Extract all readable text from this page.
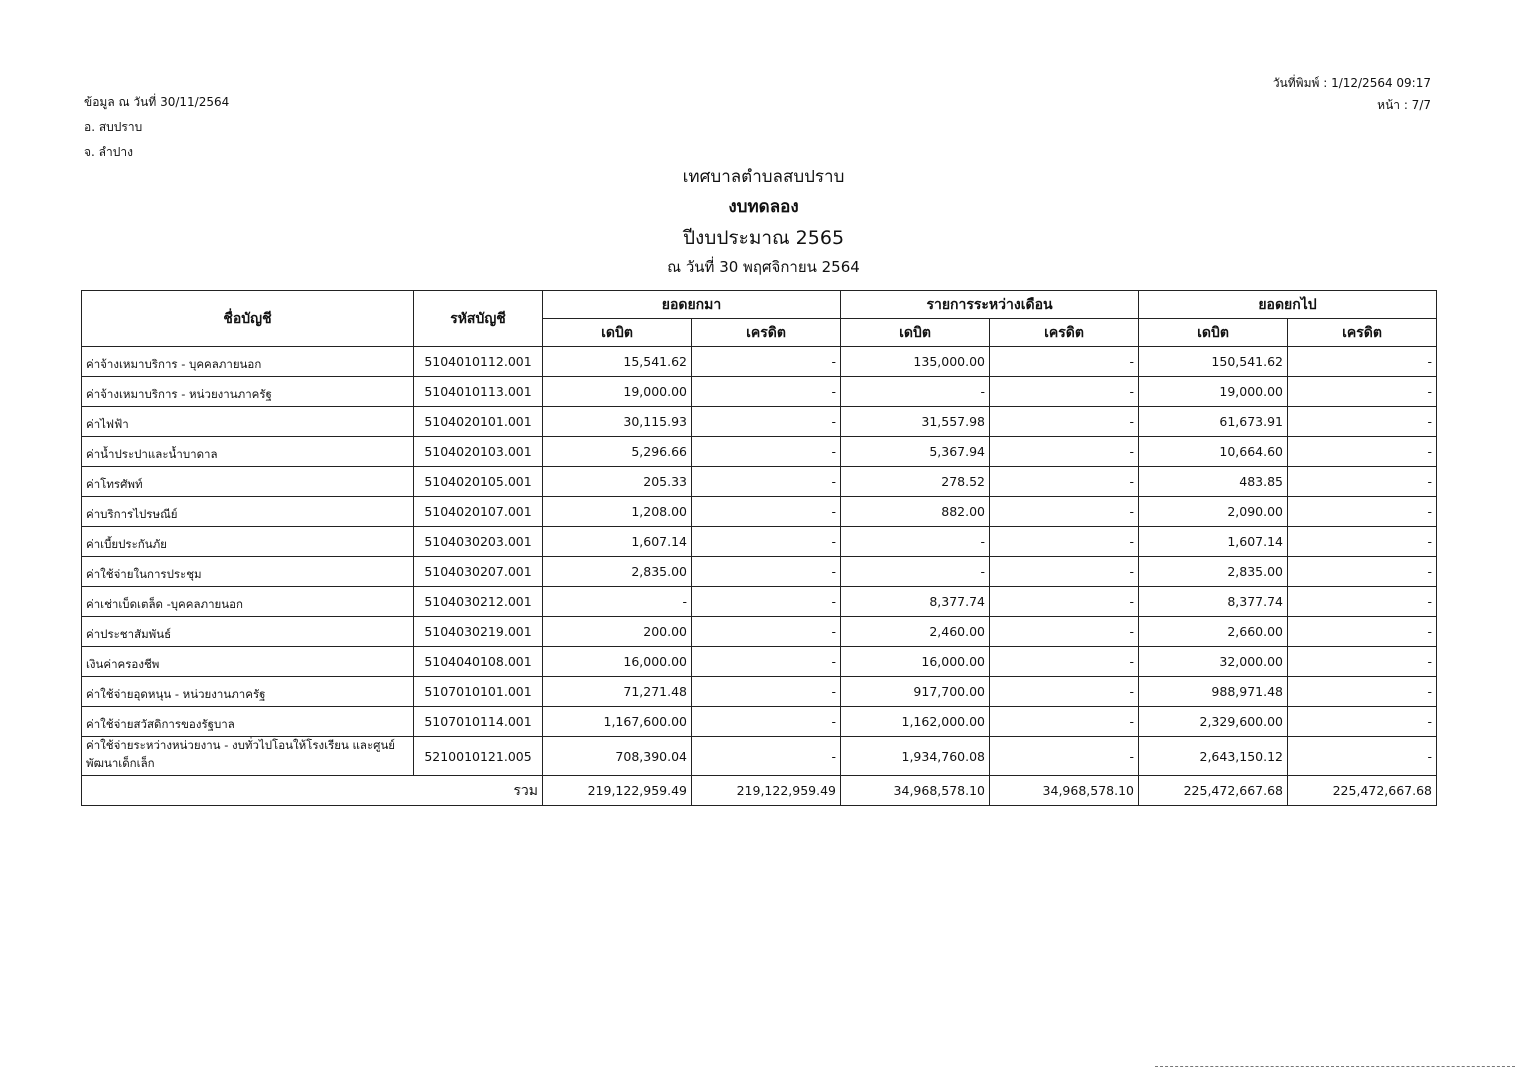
ข้อมูล ณ วันที่ 30/11/2564
อ. สบปราบ
จ. ลำปาง
วันที่พิมพ์ : 1/12/2564 09:17
หน้า : 7/7
เทศบาลตำบลสบปราบ
งบทดลอง
ปีงบประมาณ 2565
ณ วันที่ 30 พฤศจิกายน 2564
ชื่อบัญชี	รหัสบัญชี	ยอดยกมา		รายการระหว่างเดือน		ยอดยกไป	
		เดบิต	เครดิต	เดบิต	เครดิต	เดบิต	เครดิต
ค่าจ้างเหมาบริการ - บุคคลภายนอก	5104010112.001	15,541.62	-	135,000.00	-	150,541.62	-
ค่าจ้างเหมาบริการ - หน่วยงานภาครัฐ	5104010113.001	19,000.00	-	-	-	19,000.00	-
ค่าไฟฟ้า	5104020101.001	30,115.93	-	31,557.98	-	61,673.91	-
ค่าน้ำประปาและน้ำบาดาล	5104020103.001	5,296.66	-	5,367.94	-	10,664.60	-
ค่าโทรศัพท์	5104020105.001	205.33	-	278.52	-	483.85	-
ค่าบริการไปรษณีย์	5104020107.001	1,208.00	-	882.00	-	2,090.00	-
ค่าเบี้ยประกันภัย	5104030203.001	1,607.14	-	-	-	1,607.14	-
ค่าใช้จ่ายในการประชุม	5104030207.001	2,835.00	-	-	-	2,835.00	-
ค่าเช่าเบ็ดเตล็ด -บุคคลภายนอก	5104030212.001	-	-	8,377.74	-	8,377.74	-
ค่าประชาสัมพันธ์	5104030219.001	200.00	-	2,460.00	-	2,660.00	-
เงินค่าครองชีพ	5104040108.001	16,000.00	-	16,000.00	-	32,000.00	-
ค่าใช้จ่ายอุดหนุน - หน่วยงานภาครัฐ	5107010101.001	71,271.48	-	917,700.00	-	988,971.48	-
ค่าใช้จ่ายสวัสดิการของรัฐบาล	5107010114.001	1,167,600.00	-	1,162,000.00	-	2,329,600.00	-
ค่าใช้จ่ายระหว่างหน่วยงาน - งบทั่วไปโอนให้โรงเรียน และศูนย์พัฒนาเด็กเล็ก	5210010121.005	708,390.04	-	1,934,760.08	-	2,643,150.12	-
รวม		219,122,959.49	219,122,959.49	34,968,578.10	34,968,578.10	225,472,667.68	225,472,667.68
